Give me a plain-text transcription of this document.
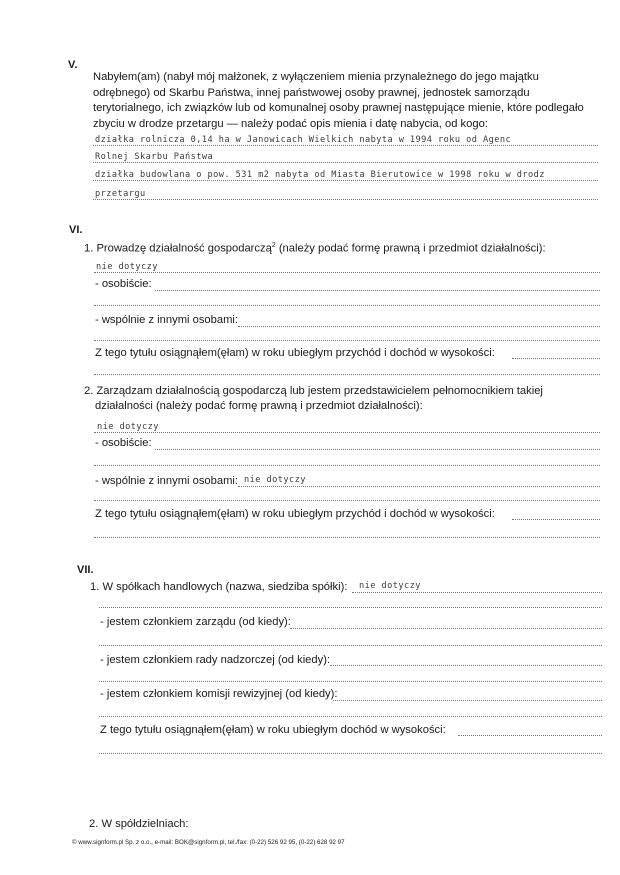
V.
Nabyłem(am) (nabył mój małżonek, z wyłączeniem mienia przynależnego do jego majątku odrębnego) od Skarbu Państwa, innej państwowej osoby prawnej, jednostek samorządu terytorialnego, ich związków lub od komunalnej osoby prawnej następujące mienie, które podlegało zbyciu w drodze przetargu — należy podać opis mienia i datę nabycia, od kogo:
działka rolnicza 0,14 ha w Janowicach Wielkich nabyta w 1994 roku od Agenc
Rolnej Skarbu Państwa
działka budowlana o pow. 531 m2 nabyta od Miasta Bierutowice w 1998 roku w drodz
przetargu
VI.
1. Prowadzę działalność gospodarczą$^2$ (należy podać formę prawną i przedmiot działalności):
nie dotyczy
- osobiście:
- wspólnie z innymi osobami:
Z tego tytułu osiągnąłem(ęłam) w roku ubiegłym przychód i dochód w wysokości:
2. Zarządzam działalnością gospodarczą lub jestem przedstawicielem pełnomocnikiem takiej
działalności (należy podać formę prawną i przedmiot działalności):
nie dotyczy
- osobiście:
- wspólnie z innymi osobami: nie dotyczy
Z tego tytułu osiągnąłem(ęłam) w roku ubiegłym przychód i dochód w wysokości:
VII.
1. W spółkach handlowych (nazwa, siedziba spółki): nie dotyczy
- jestem członkiem zarządu (od kiedy):
- jestem członkiem rady nadzorczej (od kiedy):
- jestem członkiem komisji rewizyjnej (od kiedy):
Z tego tytułu osiągnąłem(ęłam) w roku ubiegłym dochód w wysokości:
2. W spółdzielniach:
© www.signform.pl Sp. z o.o., e-mail: BOK@signform.pl, tel./fax: (0-22) 526 92 95, (0-22) 628 92 97
